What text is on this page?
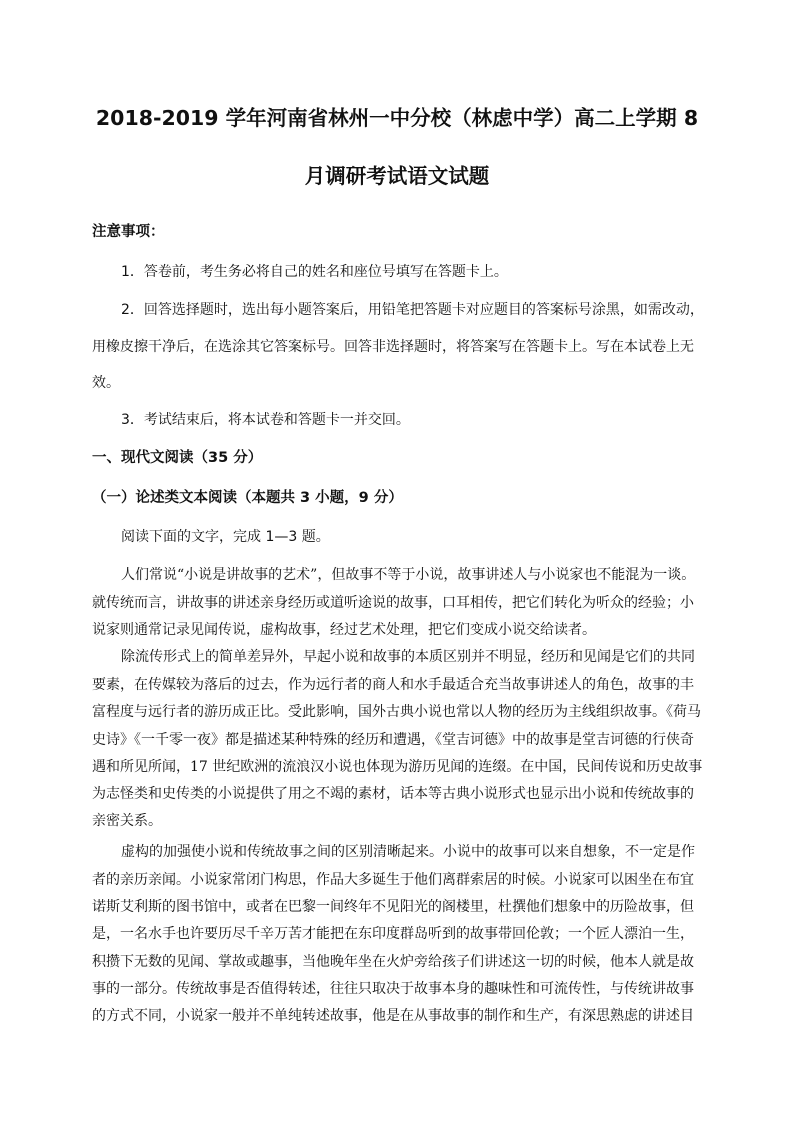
2018-2019 学年河南省林州一中分校（林虑中学）高二上学期 8
月调研考试语文试题
注意事项：
1．答卷前，考生务必将自己的姓名和座位号填写在答题卡上。
2．回答选择题时，选出每小题答案后，用铅笔把答题卡对应题目的答案标号涂黑，如需改动，
用橡皮擦干净后，在选涂其它答案标号。回答非选择题时，将答案写在答题卡上。写在本试卷上无
效。
3．考试结束后，将本试卷和答题卡一并交回。
一、现代文阅读（35 分）
（一）论述类文本阅读（本题共 3 小题，9 分）
阅读下面的文字，完成 1—3 题。
人们常说“小说是讲故事的艺术”，但故事不等于小说，故事讲述人与小说家也不能混为一谈。
就传统而言，讲故事的讲述亲身经历或道听途说的故事，口耳相传，把它们转化为听众的经验；小
说家则通常记录见闻传说，虚构故事，经过艺术处理，把它们变成小说交给读者。
除流传形式上的简单差异外，早起小说和故事的本质区别并不明显，经历和见闻是它们的共同
要素，在传媒较为落后的过去，作为远行者的商人和水手最适合充当故事讲述人的角色，故事的丰
富程度与远行者的游历成正比。受此影响，国外古典小说也常以人物的经历为主线组织故事。《荷马
史诗》《一千零一夜》都是描述某种特殊的经历和遭遇，《堂吉诃德》中的故事是堂吉诃德的行侠奇
遇和所见所闻，17 世纪欧洲的流浪汉小说也体现为游历见闻的连缀。在中国，民间传说和历史故事
为志怪类和史传类的小说提供了用之不竭的素材，话本等古典小说形式也显示出小说和传统故事的
亲密关系。
虚构的加强使小说和传统故事之间的区别清晰起来。小说中的故事可以来自想象，不一定是作
者的亲历亲闻。小说家常闭门构思，作品大多诞生于他们离群索居的时候。小说家可以困坐在布宜
诺斯艾利斯的图书馆中，或者在巴黎一间终年不见阳光的阁楼里，杜撰他们想象中的历险故事，但
是，一名水手也许要历尽千辛万苦才能把在东印度群岛听到的故事带回伦敦；一个匠人漂泊一生，
积攒下无数的见闻、掌故或趣事，当他晚年坐在火炉旁给孩子们讲述这一切的时候，他本人就是故
事的一部分。传统故事是否值得转述，往往只取决于故事本身的趣味性和可流传性，与传统讲故事
的方式不同，小说家一般并不单纯转述故事，他是在从事故事的制作和生产，有深思熟虑的讲述目
